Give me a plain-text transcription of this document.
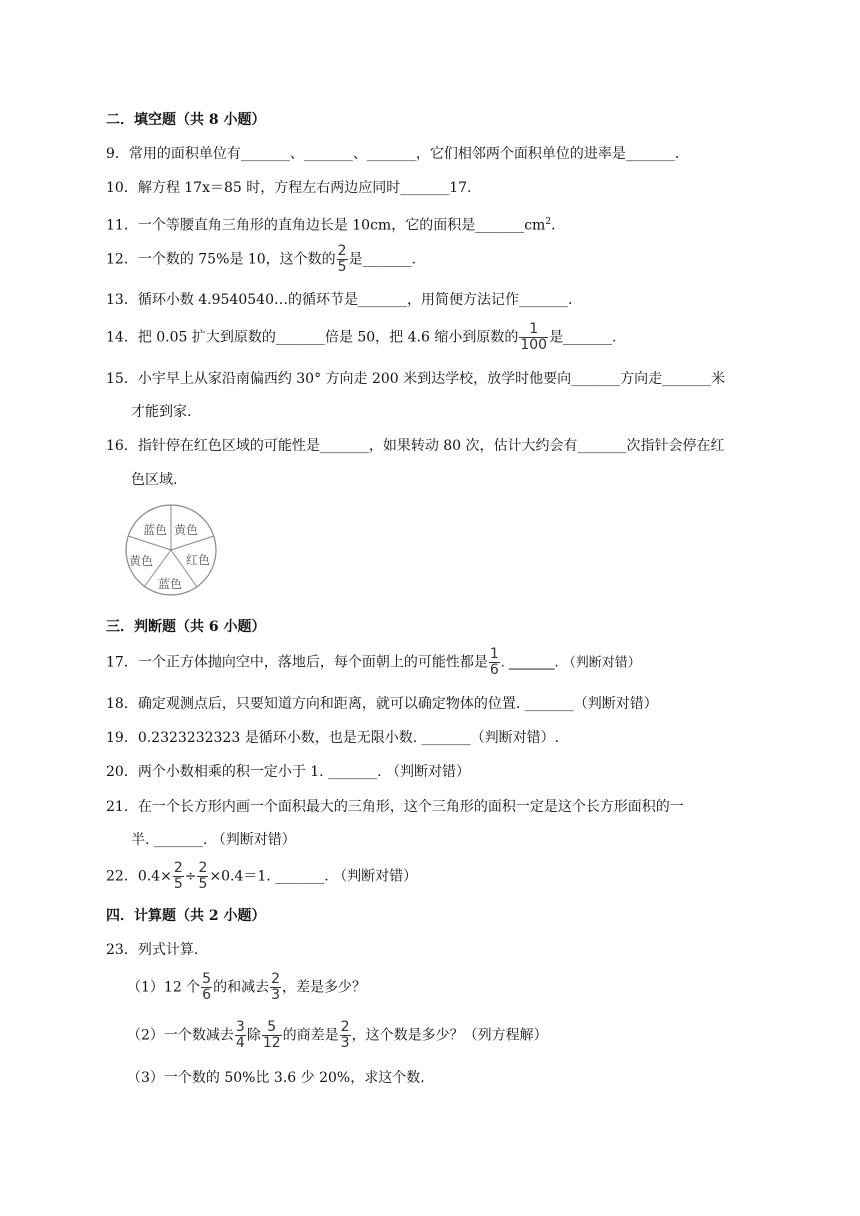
二．填空题（共 8 小题）
9．常用的面积单位有_______、_______、_______，它们相邻两个面积单位的进率是_______.
10．解方程 17x＝85 时，方程左右两边应同时_______17.
11．一个等腰直角三角形的直角边长是 10cm，它的面积是$\_\_\_\_\_\_\_cm^2$.
12．一个数的 75%是 10，这个数的 $\frac{2}{5}$ 是_______.
13．循环小数 4.9540540…的循环节是_______，用简便方法记作_______.
14．把 0.05 扩大到原数的_______倍是 50，把 4.6 缩小到原数的 $\frac{1}{100}$ 是_______.
15．小宇早上从家沿南偏西约 30° 方向走 200 米到达学校，放学时他要向_______方向走_______米
才能到家.
16．指针停在红色区域的可能性是_______，如果转动 80 次，估计大约会有_______次指针会停在红
色区域.
蓝色 黄色
红色
蓝色
黄色
三．判断题（共 6 小题）
17．一个正方体抛向空中，落地后，每个面朝上的可能性都是 $\frac{1}{6}$ . _______. （判断对错）
18．确定观测点后，只要知道方向和距离，就可以确定物体的位置. _______（判断对错）
19．0.2323232323 是循环小数，也是无限小数. _______（判断对错）.
20．两个小数相乘的积一定小于 1. _______. （判断对错）
21．在一个长方形内画一个面积最大的三角形，这个三角形的面积一定是这个长方形面积的一
半. _______. （判断对错）
22．$0.4\times \frac{2}{5} \div \frac{2}{5} \times 0.4=1$. _______. （判断对错）
四．计算题（共 2 小题）
23．列式计算.
（1）12 个 $\frac{5}{6}$ 的和减去 $\frac{2}{3}$ ，差是多少？
（2）一个数减去 $\frac{3}{4}$ 除 $\frac{5}{12}$ 的商差是 $\frac{2}{3}$ ，这个数是多少？（列方程解）
（3）一个数的 50%比 3.6 少 20%，求这个数.
